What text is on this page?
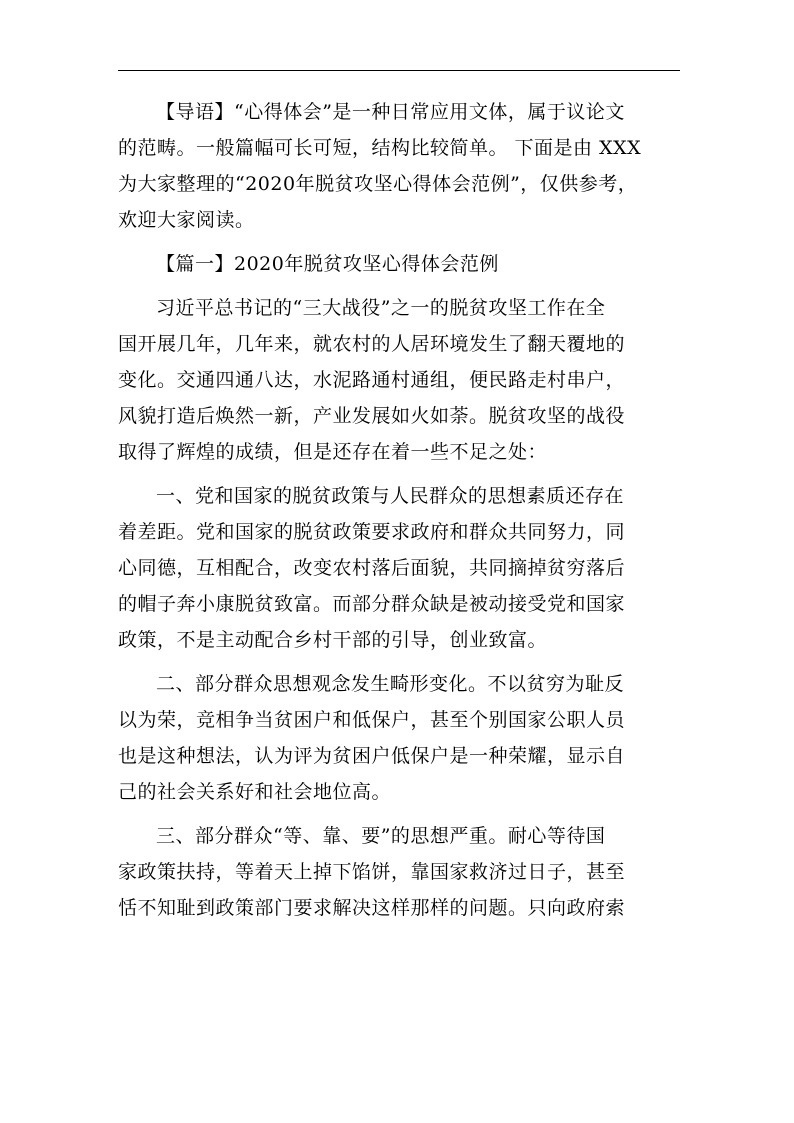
【导语】“心得体会”是一种日常应用文体，属于议论文
的范畴。一般篇幅可长可短，结构比较简单。 下面是由 XXX
为大家整理的“2020年脱贫攻坚心得体会范例”，仅供参考，
欢迎大家阅读。
【篇一】2020年脱贫攻坚心得体会范例
习近平总书记的“三大战役”之一的脱贫攻坚工作在全
国开展几年，几年来，就农村的人居环境发生了翻天覆地的
变化。交通四通八达，水泥路通村通组，便民路走村串户，
风貌打造后焕然一新，产业发展如火如荼。脱贫攻坚的战役
取得了辉煌的成绩，但是还存在着一些不足之处：
一、党和国家的脱贫政策与人民群众的思想素质还存在
着差距。党和国家的脱贫政策要求政府和群众共同努力，同
心同德，互相配合，改变农村落后面貌，共同摘掉贫穷落后
的帽子奔小康脱贫致富。而部分群众缺是被动接受党和国家
政策，不是主动配合乡村干部的引导，创业致富。
二、部分群众思想观念发生畸形变化。不以贫穷为耻反
以为荣，竞相争当贫困户和低保户，甚至个别国家公职人员
也是这种想法，认为评为贫困户低保户是一种荣耀，显示自
己的社会关系好和社会地位高。
三、部分群众“等、靠、要”的思想严重。耐心等待国
家政策扶持，等着天上掉下馅饼，靠国家救济过日子，甚至
恬不知耻到政策部门要求解决这样那样的问题。只向政府索
